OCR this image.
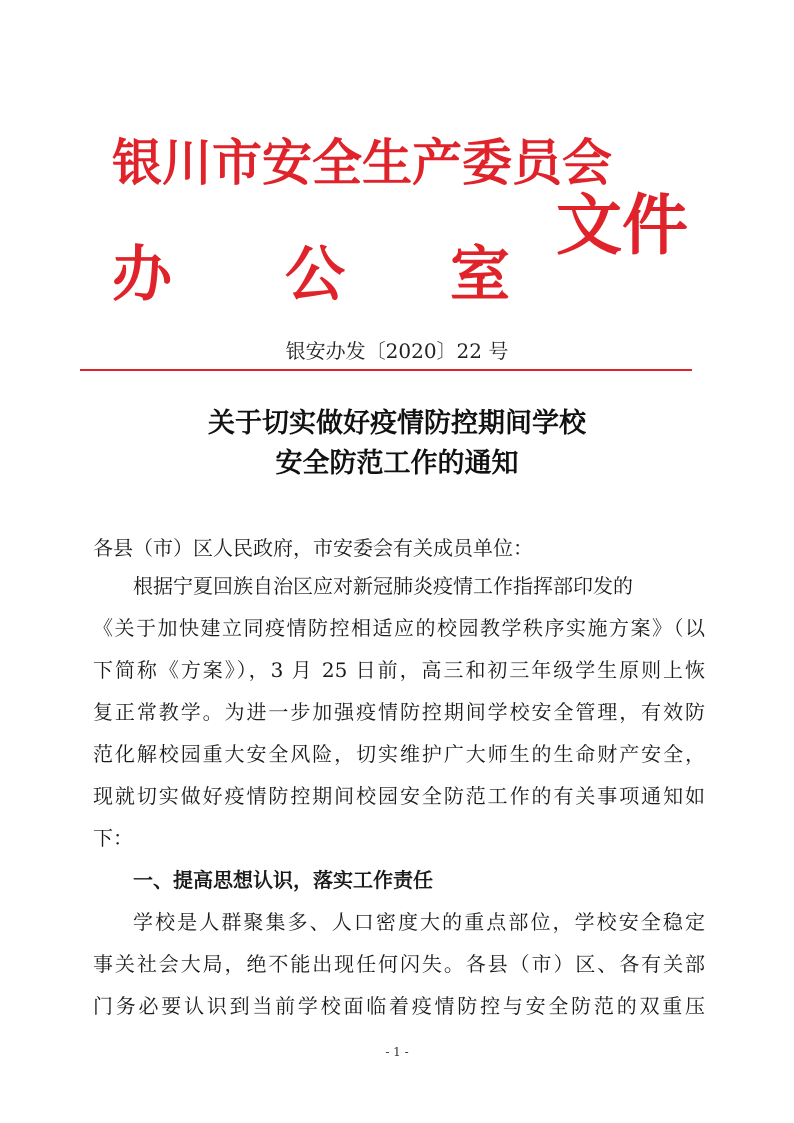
银川市安全生产委员会
办 公 室
文件
银安办发〔2020〕22 号
关于切实做好疫情防控期间学校
安全防范工作的通知
各县（市）区人民政府，市安委会有关成员单位：
根据宁夏回族自治区应对新冠肺炎疫情工作指挥部印发的
《关于加快建立同疫情防控相适应的校园教学秩序实施方案》（以
下简称《方案》），3 月 25 日前，高三和初三年级学生原则上恢
复正常教学。为进一步加强疫情防控期间学校安全管理，有效防
范化解校园重大安全风险，切实维护广大师生的生命财产安全，
现就切实做好疫情防控期间校园安全防范工作的有关事项通知如
下：
一、提高思想认识，落实工作责任
学校是人群聚集多、人口密度大的重点部位，学校安全稳定
事关社会大局，绝不能出现任何闪失。各县（市）区、各有关部
门务必要认识到当前学校面临着疫情防控与安全防范的双重压
- 1 -
